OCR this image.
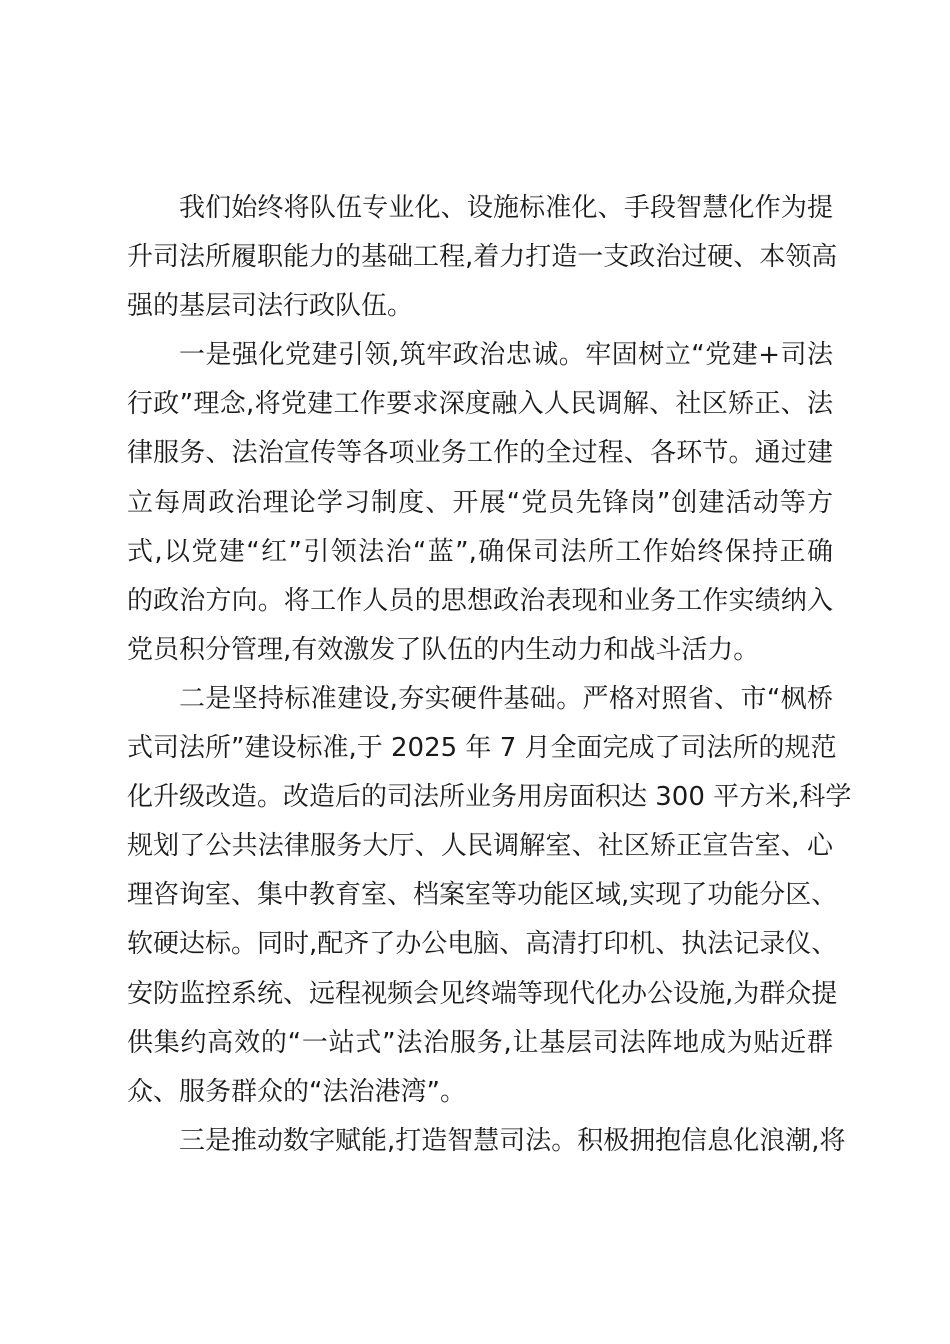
我们始终将队伍专业化、设施标准化、手段智慧化作为提
升司法所履职能力的基础工程,着力打造一支政治过硬、本领高
强的基层司法行政队伍。
一是强化党建引领,筑牢政治忠诚。牢固树立“党建+司法
行政”理念,将党建工作要求深度融入人民调解、社区矫正、法
律服务、法治宣传等各项业务工作的全过程、各环节。通过建
立每周政治理论学习制度、开展“党员先锋岗”创建活动等方
式,以党建“红”引领法治“蓝”,确保司法所工作始终保持正确
的政治方向。将工作人员的思想政治表现和业务工作实绩纳入
党员积分管理,有效激发了队伍的内生动力和战斗活力。
二是坚持标准建设,夯实硬件基础。严格对照省、市“枫桥
式司法所”建设标准,于 2025 年 7 月全面完成了司法所的规范
化升级改造。改造后的司法所业务用房面积达 300 平方米,科学
规划了公共法律服务大厅、人民调解室、社区矫正宣告室、心
理咨询室、集中教育室、档案室等功能区域,实现了功能分区、
软硬达标。同时,配齐了办公电脑、高清打印机、执法记录仪、
安防监控系统、远程视频会见终端等现代化办公设施,为群众提
供集约高效的“一站式”法治服务,让基层司法阵地成为贴近群
众、服务群众的“法治港湾”。
三是推动数字赋能,打造智慧司法。积极拥抱信息化浪潮,将
